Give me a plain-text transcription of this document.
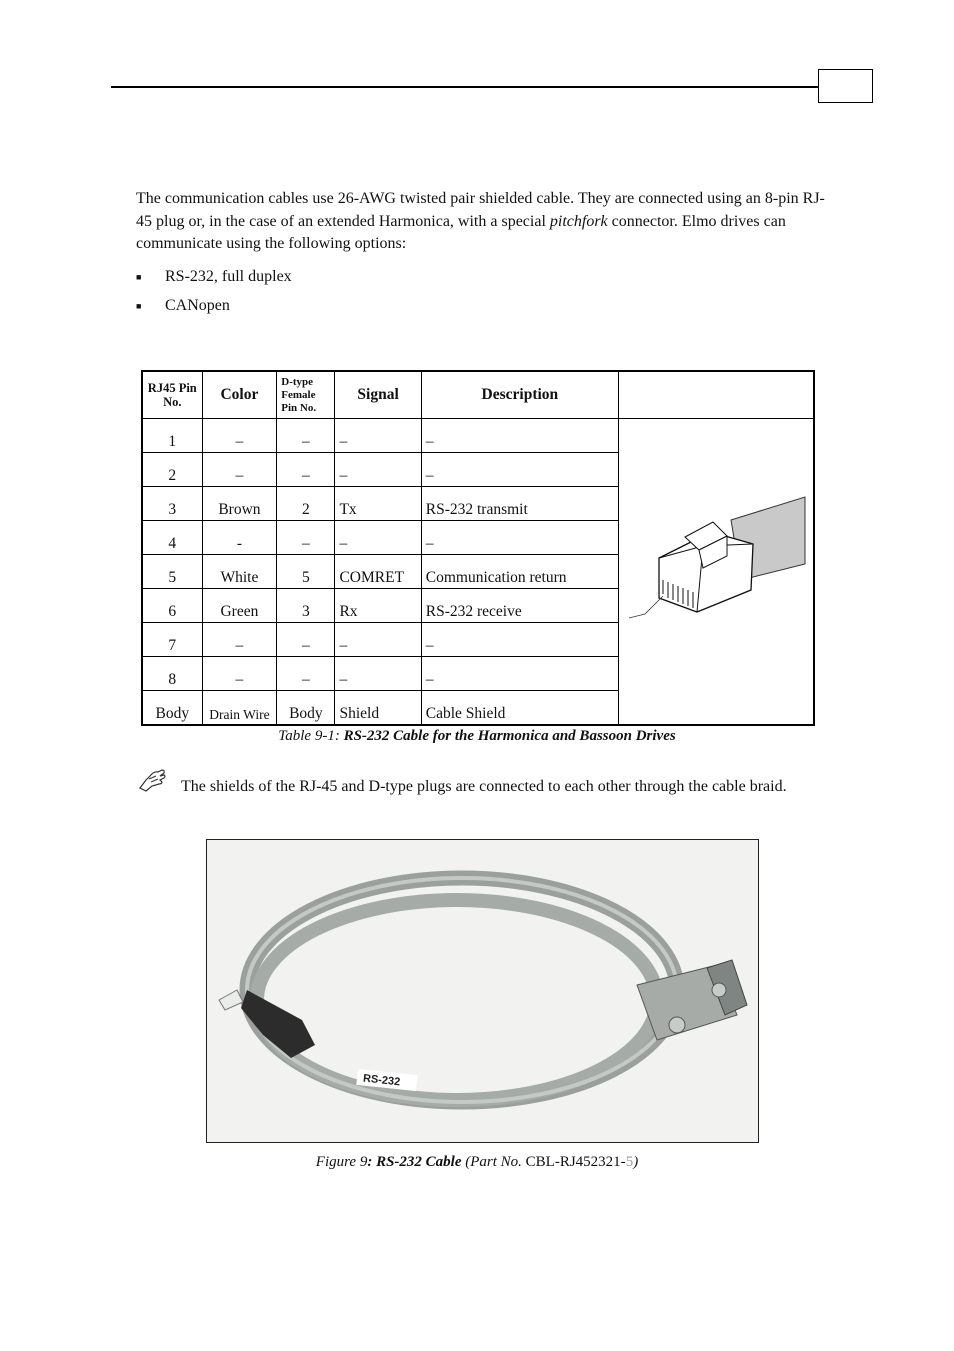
The communication cables use 26-AWG twisted pair shielded cable. They are connected using an 8-pin RJ-45 plug or, in the case of an extended Harmonica, with a special pitchfork connector. Elmo drives can communicate using the following options:

■	RS-232, full duplex
■	CANopen
RJ45 Pin No.	Color	D-type Female Pin No.	Signal	Description	
1	–	–	–	–	
2	–	–	–	–	
3	Brown	2	Tx	RS-232 transmit	
4	-	–	–	–	
5	White	5	COMRET	Communication return	
6	Green	3	Rx	RS-232 receive	
7	–	–	–	–	
8	–	–	–	–	
Body	Drain Wire	Body	Shield	Cable Shield	
Table 9-1: RS-232 Cable for the Harmonica and Bassoon Drives
The shields of the RJ-45 and D-type plugs are connected to each other through the cable braid.
RS-232
Figure 9: RS-232 Cable (Part No. CBL-RJ452321-5)
